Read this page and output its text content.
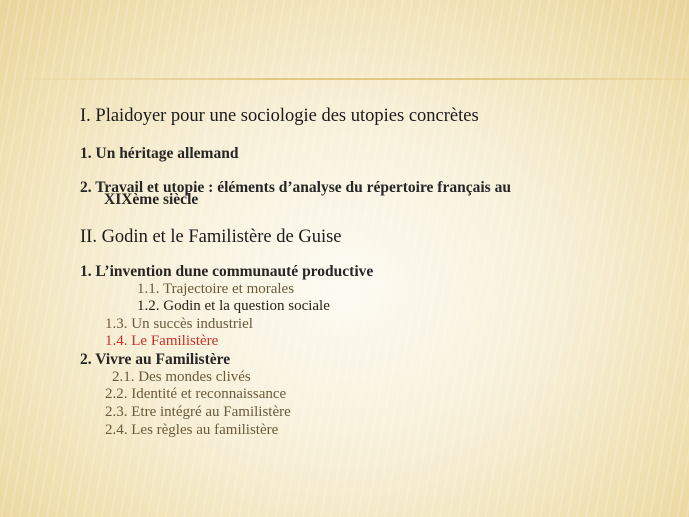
I. Plaidoyer pour une sociologie des utopies concrètes
1. Un héritage allemand
2. Travail et utopie : éléments d’analyse du répertoire français au
XIXème siècle
II. Godin et le Familistère de Guise
1. L’invention dune communauté productive
1.1. Trajectoire et morales
1.2. Godin et la question sociale
1.3. Un succès industriel
1.4. Le Familistère
2. Vivre au Familistère
2.1. Des mondes clivés
2.2. Identité et reconnaissance
2.3. Etre intégré au Familistère
2.4. Les règles au familistère
